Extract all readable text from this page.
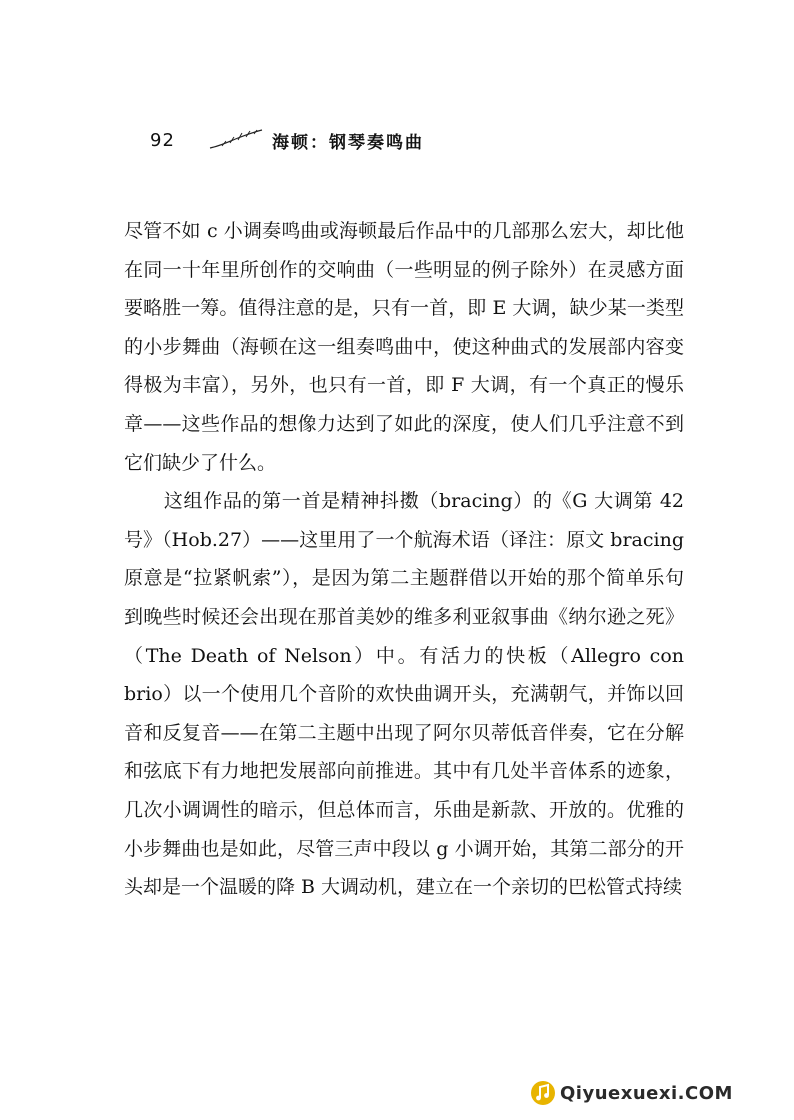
92	海顿：钢琴奏鸣曲

尽管不如 c 小调奏鸣曲或海顿最后作品中的几部那么宏大，却比他在同一十年里所创作的交响曲（一些明显的例子除外）在灵感方面要略胜一筹。值得注意的是，只有一首，即 E 大调，缺少某一类型的小步舞曲（海顿在这一组奏鸣曲中，使这种曲式的发展部内容变得极为丰富），另外，也只有一首，即 F 大调，有一个真正的慢乐章——这些作品的想像力达到了如此的深度，使人们几乎注意不到它们缺少了什么。

这组作品的第一首是精神抖擞（bracing）的《G 大调第 42 号》（Hob.27）——这里用了一个航海术语（译注：原文 bracing 原意是“拉紧帆索”），是因为第二主题群借以开始的那个简单乐句到晚些时候还会出现在那首美妙的维多利亚叙事曲《纳尔逊之死》（The Death of Nelson）中。有活力的快板（Allegro con brio）以一个使用几个音阶的欢快曲调开头，充满朝气，并饰以回音和反复音——在第二主题中出现了阿尔贝蒂低音伴奏，它在分解和弦底下有力地把发展部向前推进。其中有几处半音体系的迹象，几次小调调性的暗示，但总体而言，乐曲是新款、开放的。优雅的小步舞曲也是如此，尽管三声中段以 g 小调开始，其第二部分的开头却是一个温暖的降 B 大调动机，建立在一个亲切的巴松管式持续

Qiyuexuexi.COM
